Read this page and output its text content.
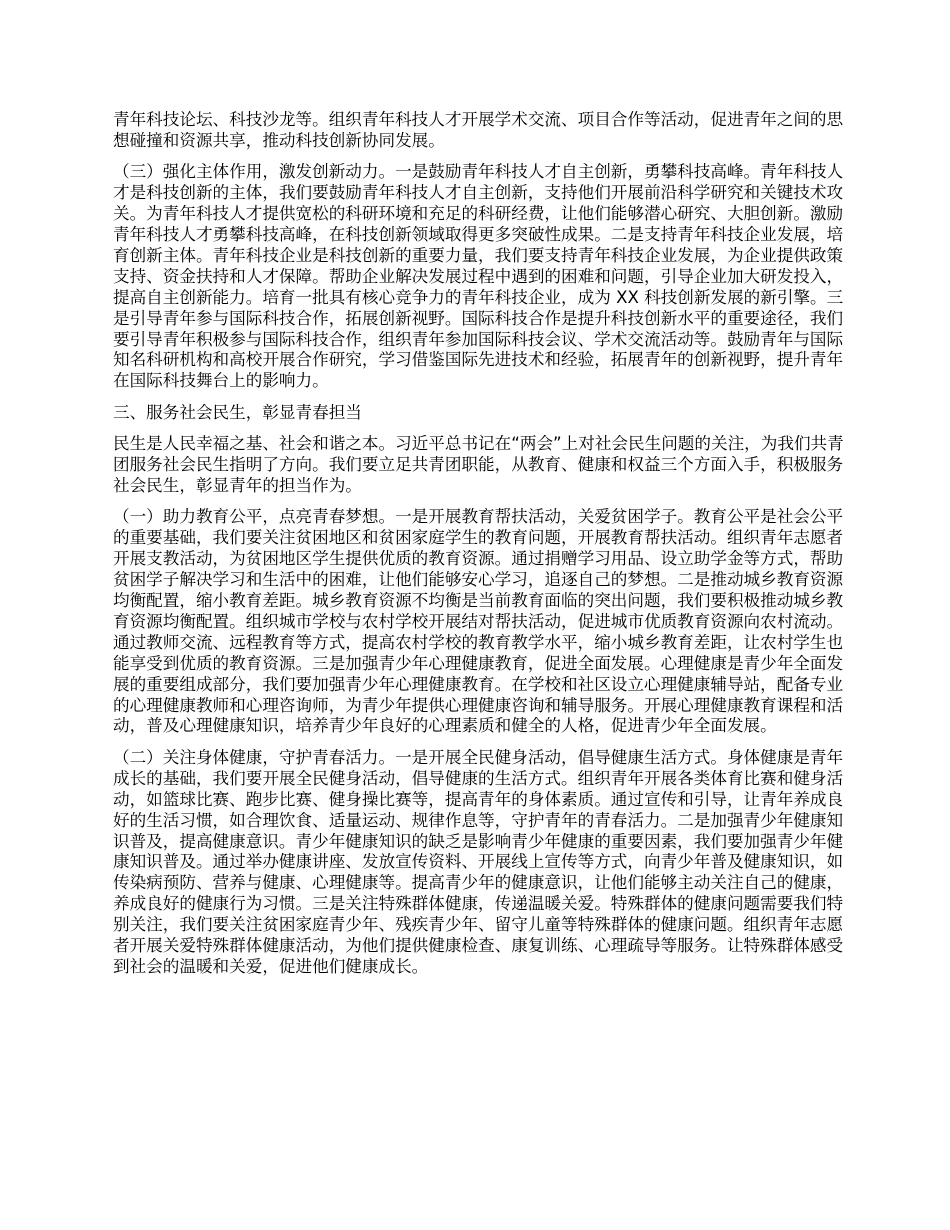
青年科技论坛、科技沙龙等。组织青年科技人才开展学术交流、项目合作等活动，促进青年之间的思想碰撞和资源共享，推动科技创新协同发展。

（三）强化主体作用，激发创新动力。一是鼓励青年科技人才自主创新，勇攀科技高峰。青年科技人才是科技创新的主体，我们要鼓励青年科技人才自主创新，支持他们开展前沿科学研究和关键技术攻关。为青年科技人才提供宽松的科研环境和充足的科研经费，让他们能够潜心研究、大胆创新。激励青年科技人才勇攀科技高峰，在科技创新领域取得更多突破性成果。二是支持青年科技企业发展，培育创新主体。青年科技企业是科技创新的重要力量，我们要支持青年科技企业发展，为企业提供政策支持、资金扶持和人才保障。帮助企业解决发展过程中遇到的困难和问题，引导企业加大研发投入，提高自主创新能力。培育一批具有核心竞争力的青年科技企业，成为 XX 科技创新发展的新引擎。三是引导青年参与国际科技合作，拓展创新视野。国际科技合作是提升科技创新水平的重要途径，我们要引导青年积极参与国际科技合作，组织青年参加国际科技会议、学术交流活动等。鼓励青年与国际知名科研机构和高校开展合作研究，学习借鉴国际先进技术和经验，拓展青年的创新视野，提升青年在国际科技舞台上的影响力。

三、服务社会民生，彰显青春担当

民生是人民幸福之基、社会和谐之本。习近平总书记在“两会”上对社会民生问题的关注，为我们共青团服务社会民生指明了方向。我们要立足共青团职能，从教育、健康和权益三个方面入手，积极服务社会民生，彰显青年的担当作为。

（一）助力教育公平，点亮青春梦想。一是开展教育帮扶活动，关爱贫困学子。教育公平是社会公平的重要基础，我们要关注贫困地区和贫困家庭学生的教育问题，开展教育帮扶活动。组织青年志愿者开展支教活动，为贫困地区学生提供优质的教育资源。通过捐赠学习用品、设立助学金等方式，帮助贫困学子解决学习和生活中的困难，让他们能够安心学习，追逐自己的梦想。二是推动城乡教育资源均衡配置，缩小教育差距。城乡教育资源不均衡是当前教育面临的突出问题，我们要积极推动城乡教育资源均衡配置。组织城市学校与农村学校开展结对帮扶活动，促进城市优质教育资源向农村流动。通过教师交流、远程教育等方式，提高农村学校的教育教学水平，缩小城乡教育差距，让农村学生也能享受到优质的教育资源。三是加强青少年心理健康教育，促进全面发展。心理健康是青少年全面发展的重要组成部分，我们要加强青少年心理健康教育。在学校和社区设立心理健康辅导站，配备专业的心理健康教师和心理咨询师，为青少年提供心理健康咨询和辅导服务。开展心理健康教育课程和活动，普及心理健康知识，培养青少年良好的心理素质和健全的人格，促进青少年全面发展。

（二）关注身体健康，守护青春活力。一是开展全民健身活动，倡导健康生活方式。身体健康是青年成长的基础，我们要开展全民健身活动，倡导健康的生活方式。组织青年开展各类体育比赛和健身活动，如篮球比赛、跑步比赛、健身操比赛等，提高青年的身体素质。通过宣传和引导，让青年养成良好的生活习惯，如合理饮食、适量运动、规律作息等，守护青年的青春活力。二是加强青少年健康知识普及，提高健康意识。青少年健康知识的缺乏是影响青少年健康的重要因素，我们要加强青少年健康知识普及。通过举办健康讲座、发放宣传资料、开展线上宣传等方式，向青少年普及健康知识，如传染病预防、营养与健康、心理健康等。提高青少年的健康意识，让他们能够主动关注自己的健康，养成良好的健康行为习惯。三是关注特殊群体健康，传递温暖关爱。特殊群体的健康问题需要我们特别关注，我们要关注贫困家庭青少年、残疾青少年、留守儿童等特殊群体的健康问题。组织青年志愿者开展关爱特殊群体健康活动，为他们提供健康检查、康复训练、心理疏导等服务。让特殊群体感受到社会的温暖和关爱，促进他们健康成长。
